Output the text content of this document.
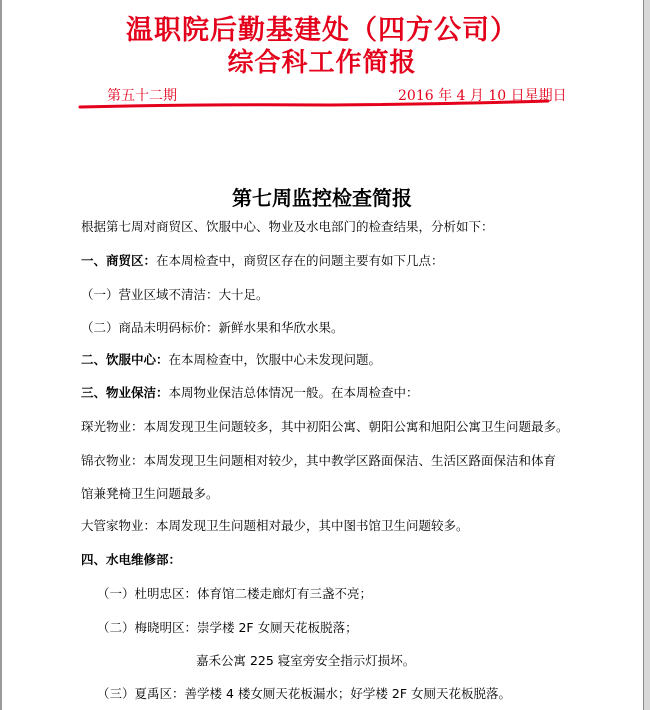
温职院后勤基建处（四方公司）
综合科工作简报
第五十二期	2016 年 4 月 10 日星期日
第七周监控检查简报
根据第七周对商贸区、饮服中心、物业及水电部门的检查结果，分析如下：
一、商贸区：在本周检查中，商贸区存在的问题主要有如下几点：
（一）营业区域不清洁：大十足。
（二）商品未明码标价：新鲜水果和华欣水果。
二、饮服中心：在本周检查中，饮服中心未发现问题。
三、物业保洁：本周物业保洁总体情况一般。在本周检查中：
琛光物业：本周发现卫生问题较多，其中初阳公寓、朝阳公寓和旭阳公寓卫生问题最多。
锦衣物业：本周发现卫生问题相对较少，其中教学区路面保洁、生活区路面保洁和体育
馆兼凳椅卫生问题最多。
大管家物业：本周发现卫生问题相对最少，其中图书馆卫生问题较多。
四、水电维修部：
（一）杜明忠区：体育馆二楼走廊灯有三盏不亮；
（二）梅晓明区：崇学楼 2F 女厕天花板脱落；
嘉禾公寓 225 寝室旁安全指示灯损坏。
（三）夏禹区：善学楼 4 楼女厕天花板漏水；好学楼 2F 女厕天花板脱落。
